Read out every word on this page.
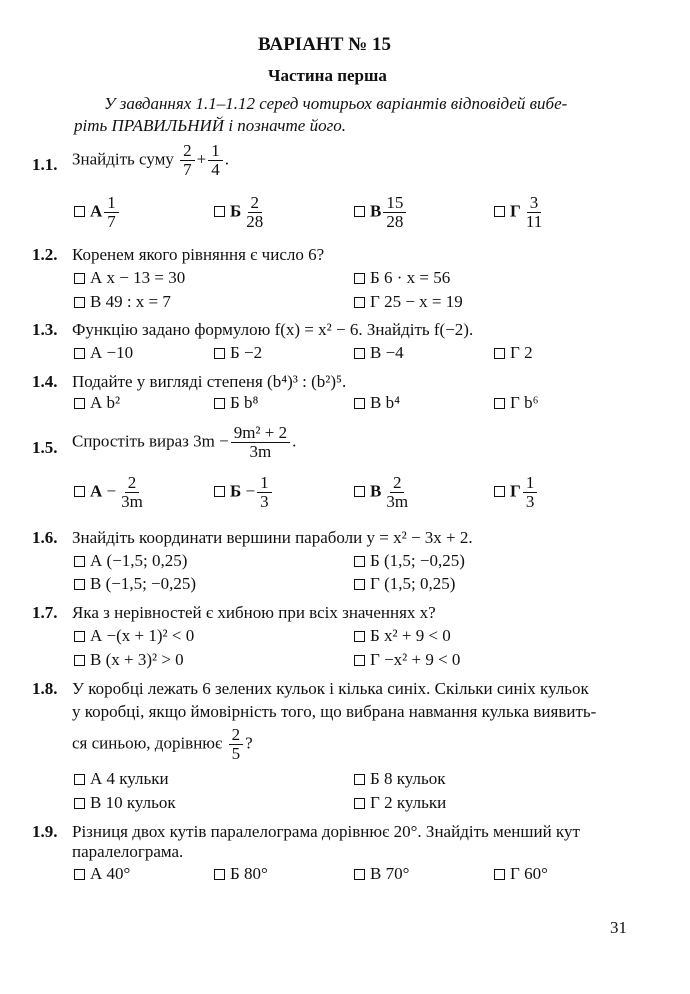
ВАРІАНТ № 15
Частина перша
У завданнях 1.1–1.12 серед чотирьох варіантів відповідей вибе-
ріть ПРАВИЛЬНИЙ і позначте його.
1.1. Знайдіть суму $\frac{2}{7} + \frac{1}{4}$ .
А $\frac{1}{7}$	Б $\frac{2}{28}$	В $\frac{15}{28}$	Г $\frac{3}{11}$
1.2. Коренем якого рівняння є число 6?
А x − 13 = 30	Б 6 · x = 56
В 49 : x = 7	Г 25 − x = 19
1.3. Функцію задано формулою f(x) = x² − 6. Знайдіть f(−2).
А −10	Б −2	В −4	Г 2
1.4. Подайте у вигляді степеня (b⁴)³ : (b²)⁵.
А b²	Б b⁸	В b⁴	Г b⁶
1.5. Спростіть вираз $3m - \frac{\text{9m² + 2}}{3m}$ .
$А - \frac{2}{3m}$	$Б - \frac{1}{3}$	В $\frac{2}{3m}$	Г $\frac{1}{3}$
1.6. Знайдіть координати вершини параболи y = x² − 3x + 2.
А (−1,5; 0,25)	Б (1,5; −0,25)
В (−1,5; −0,25)	Г (1,5; 0,25)
1.7. Яка з нерівностей є хибною при всіх значеннях x?
А −(x + 1)² < 0	Б x² + 9 < 0
В (x + 3)² > 0	Г −x² + 9 < 0
1.8. У коробці лежать 6 зелених кульок і кілька синіх. Скільки синіх кульок
у коробці, якщо ймовірність того, що вибрана навмання кулька виявить-
ся синьою, дорівнює $\frac{2}{5}$ ?
А 4 кульки	Б 8 кульок
В 10 кульок	Г 2 кульки
1.9. Різниця двох кутів паралелограма дорівнює 20°. Знайдіть менший кут
паралелограма.
А 40°	Б 80°	В 70°	Г 60°
31
